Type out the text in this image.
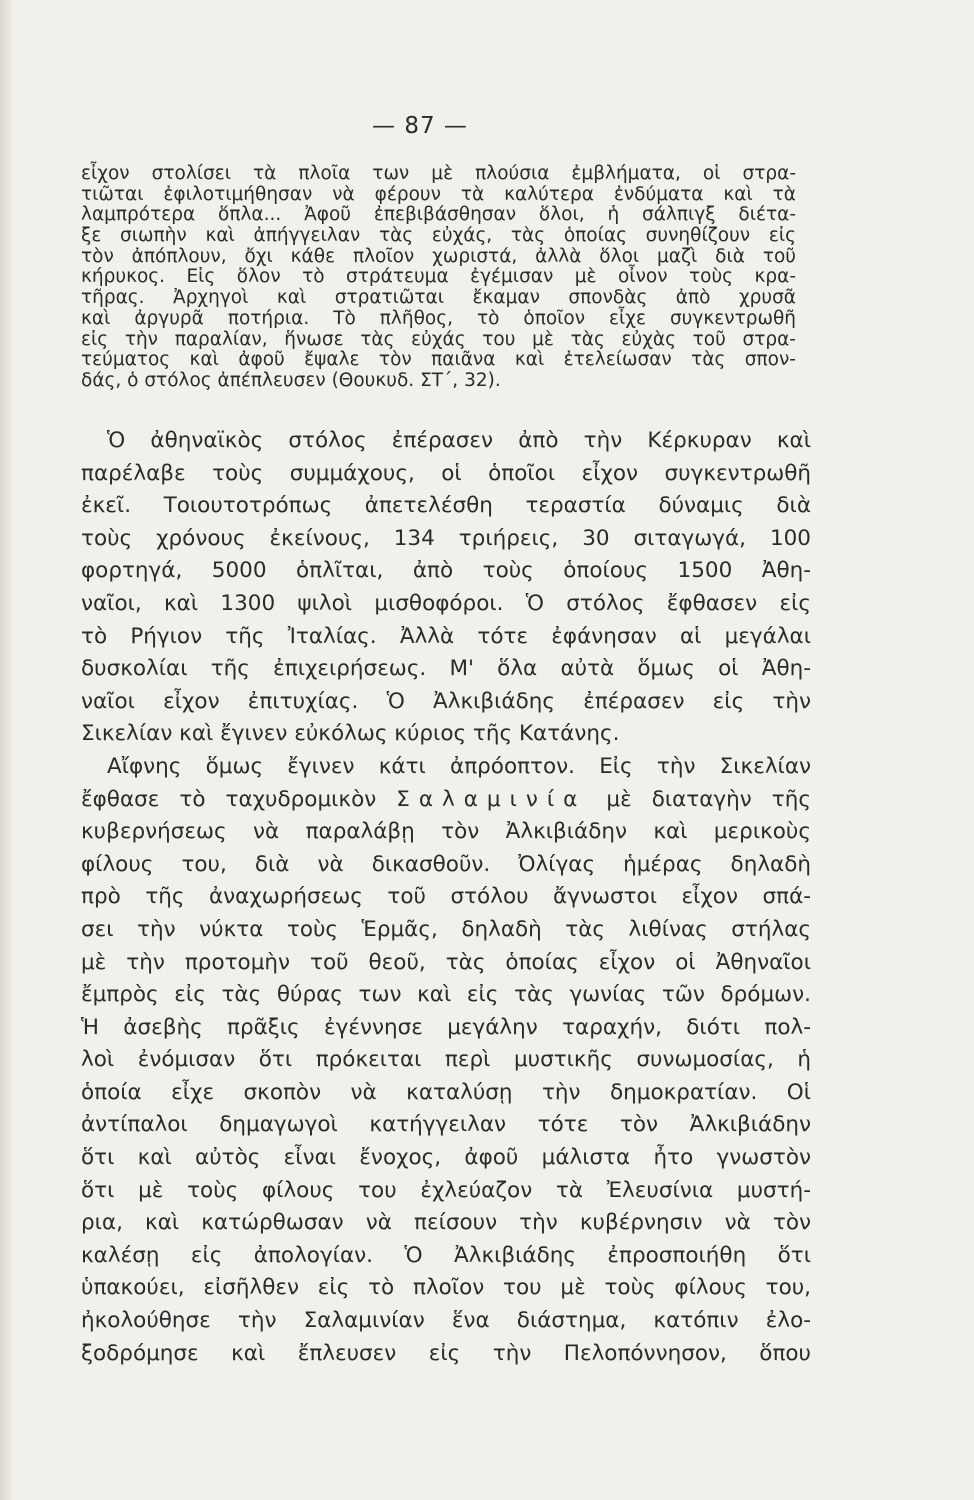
— 87 —
εἶχον στολίσει τὰ πλοῖα των μὲ πλούσια ἐμβλήματα, οἱ στρα-
τιῶται ἐφιλοτιμήθησαν νὰ φέρουν τὰ καλύτερα ἐνδύματα καὶ τὰ
λαμπρότερα ὅπλα... Ἀφοῦ ἐπεβιβάσθησαν ὅλοι, ἡ σάλπιγξ διέτα-
ξε σιωπὴν καὶ ἀπήγγειλαν τὰς εὐχάς, τὰς ὁποίας συνηθίζουν εἰς
τὸν ἀπόπλουν, ὄχι κάθε πλοῖον χωριστά, ἀλλὰ ὅλοι μαζὶ διὰ τοῦ
κήρυκος. Εἰς ὅλον τὸ στράτευμα ἐγέμισαν μὲ οἶνον τοὺς κρα-
τῆρας. Ἀρχηγοὶ καὶ στρατιῶται ἔκαμαν σπονδὰς ἀπὸ χρυσᾶ
καὶ ἀργυρᾶ ποτήρια. Τὸ πλῆθος, τὸ ὁποῖον εἶχε συγκεντρωθῆ
εἰς τὴν παραλίαν, ἥνωσε τὰς εὐχάς του μὲ τὰς εὐχὰς τοῦ στρα-
τεύματος καὶ ἀφοῦ ἔψαλε τὸν παιᾶνα καὶ ἐτελείωσαν τὰς σπον-
δάς, ὁ στόλος ἀπέπλευσεν (Θουκυδ. ΣΤ΄, 32).
Ὁ ἀθηναϊκὸς στόλος ἐπέρασεν ἀπὸ τὴν Κέρκυραν καὶ
παρέλαβε τοὺς συμμάχους, οἱ ὁποῖοι εἶχον συγκεντρωθῆ
ἐκεῖ. Τοιουτοτρόπως ἀπετελέσθη τεραστία δύναμις διὰ
τοὺς χρόνους ἐκείνους, 134 τριήρεις, 30 σιταγωγά, 100
φορτηγά, 5000 ὁπλῖται, ἀπὸ τοὺς ὁποίους 1500 Ἀθη-
ναῖοι, καὶ 1300 ψιλοὶ μισθοφόροι. Ὁ στόλος ἔφθασεν εἰς
τὸ Ρήγιον τῆς Ἰταλίας. Ἀλλὰ τότε ἐφάνησαν αἱ μεγάλαι
δυσκολίαι τῆς ἐπιχειρήσεως. Μ' ὅλα αὐτὰ ὅμως οἱ Ἀθη-
ναῖοι εἶχον ἐπιτυχίας. Ὁ Ἀλκιβιάδης ἐπέρασεν εἰς τὴν
Σικελίαν καὶ ἔγινεν εὐκόλως κύριος τῆς Κατάνης.
Αἴφνης ὅμως ἔγινεν κάτι ἀπρόοπτον. Εἰς τὴν Σικελίαν
ἔφθασε τὸ ταχυδρομικὸν Σαλαμινία μὲ διαταγὴν τῆς
κυβερνήσεως νὰ παραλάβῃ τὸν Ἀλκιβιάδην καὶ μερικοὺς
φίλους του, διὰ νὰ δικασθοῦν. Ὀλίγας ἡμέρας δηλαδὴ
πρὸ τῆς ἀναχωρήσεως τοῦ στόλου ἄγνωστοι εἶχον σπά-
σει τὴν νύκτα τοὺς Ἑρμᾶς, δηλαδὴ τὰς λιθίνας στήλας
μὲ τὴν προτομὴν τοῦ θεοῦ, τὰς ὁποίας εἶχον οἱ Ἀθηναῖοι
ἔμπρὸς εἰς τὰς θύρας των καὶ εἰς τὰς γωνίας τῶν δρόμων.
Ἡ ἀσεβὴς πρᾶξις ἐγέννησε μεγάλην ταραχήν, διότι πολ-
λοὶ ἐνόμισαν ὅτι πρόκειται περὶ μυστικῆς συνωμοσίας, ἡ
ὁποία εἶχε σκοπὸν νὰ καταλύσῃ τὴν δημοκρατίαν. Οἱ
ἀντίπαλοι δημαγωγοὶ κατήγγειλαν τότε τὸν Ἀλκιβιάδην
ὅτι καὶ αὐτὸς εἶναι ἔνοχος, ἀφοῦ μάλιστα ἦτο γνωστὸν
ὅτι μὲ τοὺς φίλους του ἐχλεύαζον τὰ Ἐλευσίνια μυστή-
ρια, καὶ κατώρθωσαν νὰ πείσουν τὴν κυβέρνησιν νὰ τὸν
καλέσῃ εἰς ἀπολογίαν. Ὁ Ἀλκιβιάδης ἐπροσποιήθη ὅτι
ὑπακούει, εἰσῆλθεν εἰς τὸ πλοῖον του μὲ τοὺς φίλους του,
ἠκολούθησε τὴν Σαλαμινίαν ἕνα διάστημα, κατόπιν ἐλο-
ξοδρόμησε καὶ ἔπλευσεν εἰς τὴν Πελοπόννησον, ὅπου
